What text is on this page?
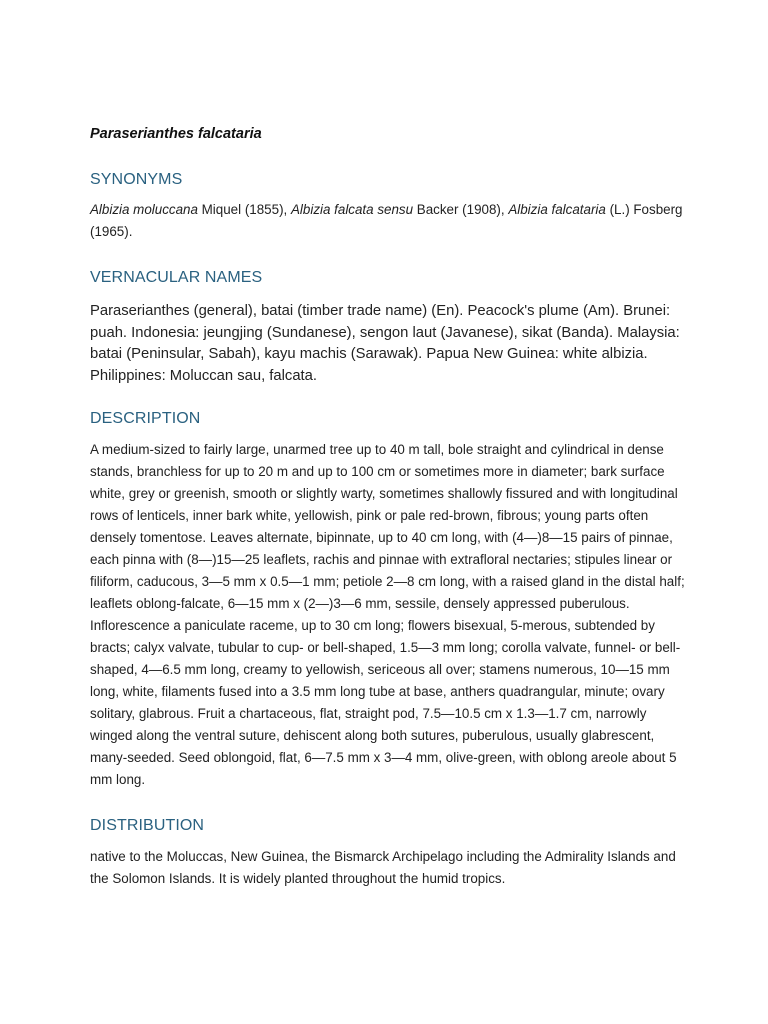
Paraserianthes falcataria

SYNONYMS

Albizia moluccana Miquel (1855), Albizia falcata sensu Backer (1908), Albizia falcataria (L.) Fosberg (1965).

VERNACULAR NAMES

Paraserianthes (general), batai (timber trade name) (En). Peacock's plume (Am). Brunei: puah. Indonesia: jeungjing (Sundanese), sengon laut (Javanese), sikat (Banda). Malaysia: batai (Peninsular, Sabah), kayu machis (Sarawak). Papua New Guinea: white albizia. Philippines: Moluccan sau, falcata.

DESCRIPTION

A medium-sized to fairly large, unarmed tree up to 40 m tall, bole straight and cylindrical in dense stands, branchless for up to 20 m and up to 100 cm or sometimes more in diameter; bark surface white, grey or greenish, smooth or slightly warty, sometimes shallowly fissured and with longitudinal rows of lenticels, inner bark white, yellowish, pink or pale red-brown, fibrous; young parts often densely tomentose. Leaves alternate, bipinnate, up to 40 cm long, with (4—)8—15 pairs of pinnae, each pinna with (8—)15—25 leaflets, rachis and pinnae with extrafloral nectaries; stipules linear or filiform, caducous, 3—5 mm x 0.5—1 mm; petiole 2—8 cm long, with a raised gland in the distal half; leaflets oblong-falcate, 6—15 mm x (2—)3—6 mm, sessile, densely appressed puberulous. Inflorescence a paniculate raceme, up to 30 cm long; flowers bisexual, 5-merous, subtended by bracts; calyx valvate, tubular to cup- or bell-shaped, 1.5—3 mm long; corolla valvate, funnel- or bell-shaped, 4—6.5 mm long, creamy to yellowish, sericeous all over; stamens numerous, 10—15 mm long, white, filaments fused into a 3.5 mm long tube at base, anthers quadrangular, minute; ovary solitary, glabrous. Fruit a chartaceous, flat, straight pod, 7.5—10.5 cm x 1.3—1.7 cm, narrowly winged along the ventral suture, dehiscent along both sutures, puberulous, usually glabrescent, many-seeded. Seed oblongoid, flat, 6—7.5 mm x 3—4 mm, olive-green, with oblong areole about 5 mm long.

DISTRIBUTION

native to the Moluccas, New Guinea, the Bismarck Archipelago including the Admirality Islands and the Solomon Islands. It is widely planted throughout the humid tropics.
